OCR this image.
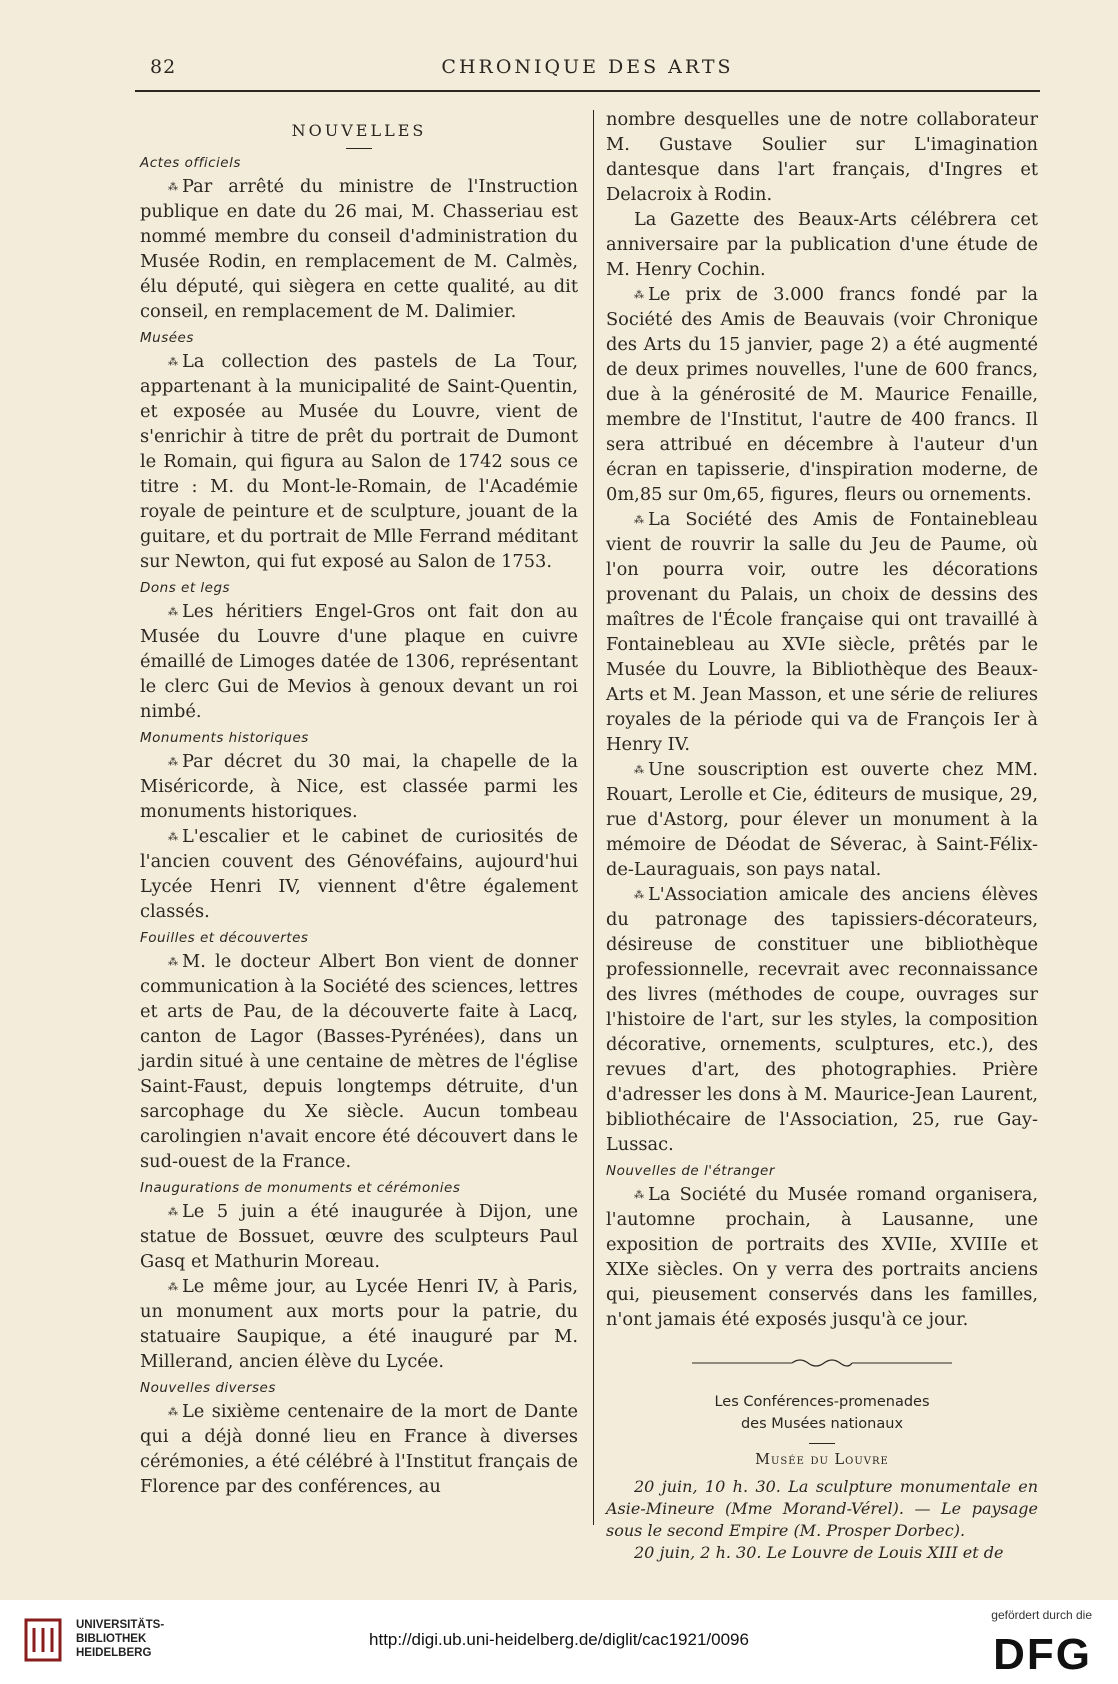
82	CHRONIQUE DES ARTS
NOUVELLES
Actes officiels

⁂ Par arrêté du ministre de l'Instruction publique en date du 26 mai, M. Chasseriau est nommé membre du conseil d'administration du Musée Rodin, en remplacement de M. Calmès, élu député, qui siègera en cette qualité, au dit conseil, en remplacement de M. Dalimier.

Musées

⁂ La collection des pastels de La Tour, appartenant à la municipalité de Saint-Quentin, et exposée au Musée du Louvre, vient de s'enrichir à titre de prêt du portrait de Dumont le Romain, qui figura au Salon de 1742 sous ce titre : M. du Mont-le-Romain, de l'Académie royale de peinture et de sculpture, jouant de la guitare, et du portrait de Mlle Ferrand méditant sur Newton, qui fut exposé au Salon de 1753.

Dons et legs

⁂ Les héritiers Engel-Gros ont fait don au Musée du Louvre d'une plaque en cuivre émaillé de Limoges datée de 1306, représentant le clerc Gui de Mevios à genoux devant un roi nimbé.

Monuments historiques

⁂ Par décret du 30 mai, la chapelle de la Miséricorde, à Nice, est classée parmi les monuments historiques.

⁂ L'escalier et le cabinet de curiosités de l'ancien couvent des Génovéfains, aujourd'hui Lycée Henri IV, viennent d'être également classés.

Fouilles et découvertes

⁂ M. le docteur Albert Bon vient de donner communication à la Société des sciences, lettres et arts de Pau, de la découverte faite à Lacq, canton de Lagor (Basses-Pyrénées), dans un jardin situé à une centaine de mètres de l'église Saint-Faust, depuis longtemps détruite, d'un sarcophage du Xe siècle. Aucun tombeau carolingien n'avait encore été découvert dans le sud-ouest de la France.

Inaugurations de monuments et cérémonies

⁂ Le 5 juin a été inaugurée à Dijon, une statue de Bossuet, œuvre des sculpteurs Paul Gasq et Mathurin Moreau.

⁂ Le même jour, au Lycée Henri IV, à Paris, un monument aux morts pour la patrie, du statuaire Saupique, a été inauguré par M. Millerand, ancien élève du Lycée.

Nouvelles diverses

⁂ Le sixième centenaire de la mort de Dante qui a déjà donné lieu en France à diverses cérémonies, a été célébré à l'Institut français de Florence par des conférences, au

nombre desquelles une de notre collaborateur M. Gustave Soulier sur L'imagination dantesque dans l'art français, d'Ingres et Delacroix à Rodin.

La Gazette des Beaux-Arts célébrera cet anniversaire par la publication d'une étude de M. Henry Cochin.

⁂ Le prix de 3.000 francs fondé par la Société des Amis de Beauvais (voir Chronique des Arts du 15 janvier, page 2) a été augmenté de deux primes nouvelles, l'une de 600 francs, due à la générosité de M. Maurice Fenaille, membre de l'Institut, l'autre de 400 francs. Il sera attribué en décembre à l'auteur d'un écran en tapisserie, d'inspiration moderne, de 0m,85 sur 0m,65, figures, fleurs ou ornements.

⁂ La Société des Amis de Fontainebleau vient de rouvrir la salle du Jeu de Paume, où l'on pourra voir, outre les décorations provenant du Palais, un choix de dessins des maîtres de l'École française qui ont travaillé à Fontainebleau au XVIe siècle, prêtés par le Musée du Louvre, la Bibliothèque des Beaux-Arts et M. Jean Masson, et une série de reliures royales de la période qui va de François Ier à Henry IV.

⁂ Une souscription est ouverte chez MM. Rouart, Lerolle et Cie, éditeurs de musique, 29, rue d'Astorg, pour élever un monument à la mémoire de Déodat de Séverac, à Saint-Félix-de-Lauraguais, son pays natal.

⁂ L'Association amicale des anciens élèves du patronage des tapissiers-décorateurs, désireuse de constituer une bibliothèque professionnelle, recevrait avec reconnaissance des livres (méthodes de coupe, ouvrages sur l'histoire de l'art, sur les styles, la composition décorative, ornements, sculptures, etc.), des revues d'art, des photographies. Prière d'adresser les dons à M. Maurice-Jean Laurent, bibliothécaire de l'Association, 25, rue Gay-Lussac.

Nouvelles de l'étranger

⁂ La Société du Musée romand organisera, l'automne prochain, à Lausanne, une exposition de portraits des XVIIe, XVIIIe et XIXe siècles. On y verra des portraits anciens qui, pieusement conservés dans les familles, n'ont jamais été exposés jusqu'à ce jour.

Les Conférences-promenades

des Musées nationaux

Musée du Louvre

20 juin, 10 h. 30. La sculpture monumentale en Asie-Mineure (Mme Morand-Vérel). — Le paysage sous le second Empire (M. Prosper Dorbec).

20 juin, 2 h. 30. Le Louvre de Louis XIII et de

UNIVERSITÄTS-
BIBLIOTHEK
HEIDELBERG
http://digi.ub.uni-heidelberg.de/diglit/cac1921/0096
gefördert durch die
DFG
